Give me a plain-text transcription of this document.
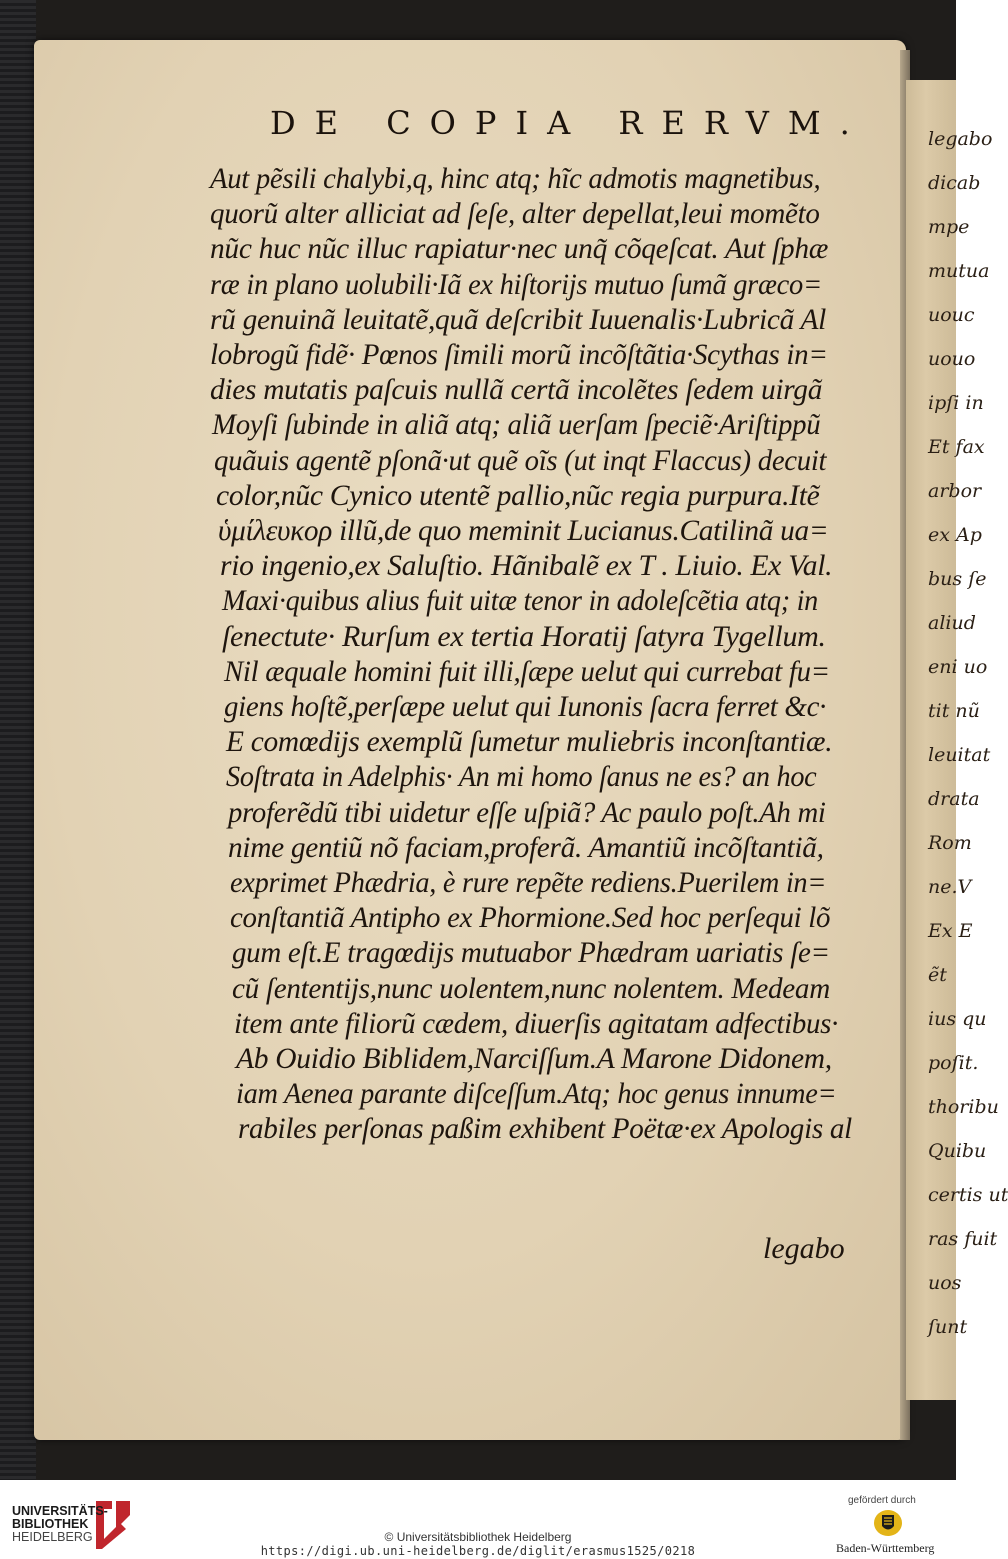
legabo
dicab
mpe
mutua
uouc
uouo
ipſi in
Et fax
arbor
ex Ap
bus ſe
aliud
eni uo
tit nũ
leuitat
drata
Rom
ne.V
Ex E
ẽt
ius qu
poſit.
thoribu
Quibu
certis ut
ras fuit
uos
ſunt
DE COPIA RERVM.
Aut pẽsili chalybi,q, hinc atq; hĩc admotis magnetibus,
quorũ alter alliciat ad ſeſe, alter depellat,leui momẽto
nũc huc nũc illuc rapiatur·nec unq̃ cõqeſcat. Aut ſphæ
ræ in plano uolubili·Iã ex hiſtorijs mutuo ſumã græco=
rũ genuinã leuitatẽ,quã deſcribit Iuuenalis·Lubricã Al
lobrogũ fidẽ· Pœnos ſimili morũ incõſtãtia·Scythas in=
dies mutatis paſcuis nullã certã incolẽtes ſedem uirgã
Moyſi ſubinde in aliã atq; aliã uerſam ſpeciẽ·Ariſtippũ
quãuis agentẽ pſonã·ut quẽ oĩs (ut inqt Flaccus) decuit
color,nũc Cynico utentẽ pallio,nũc regia purpura.Itẽ
ὑμίλευκορ illũ,de quo meminit Lucianus.Catilinã ua=
rio ingenio,ex Saluſtio. Hãnibalẽ ex T . Liuio. Ex Val.
Maxi·quibus alius fuit uitæ tenor in adoleſcẽtia atq; in
ſenectute· Rurſum ex tertia Horatij ſatyra Tygellum.
Nil æquale homini fuit illi,ſæpe uelut qui currebat fu=
giens hoſtẽ,perſæpe uelut qui Iunonis ſacra ferret &c·
E comœdijs exemplũ ſumetur muliebris inconſtantiæ.
Soſtrata in Adelphis· An mi homo ſanus ne es? an hoc
proferẽdũ tibi uidetur eſſe uſpiã? Ac paulo poſt.Ah mi
nime gentiũ nõ faciam,proferã. Amantiũ incõſtantiã,
exprimet Phædria, è rure repẽte rediens.Puerilem in=
conſtantiã Antipho ex Phormione.Sed hoc perſequi lõ
gum eſt.E tragœdijs mutuabor Phædram uariatis ſe=
cũ ſententijs,nunc uolentem,nunc nolentem. Medeam
item ante filiorũ cædem, diuerſis agitatam adfectibus·
Ab Ouidio Biblidem,Narciſſum.A Marone Didonem,
iam Aenea parante diſceſſum.Atq; hoc genus innume=
rabiles perſonas paßim exhibent Poëtæ·ex Apologis al
legabo
UNIVERSITÄTS-
BIBLIOTHEK
HEIDELBERG	© Universitätsbibliothek Heidelberg
https://digi.ub.uni-heidelberg.de/diglit/erasmus1525/0218
gefördert durch
Baden-Württemberg
